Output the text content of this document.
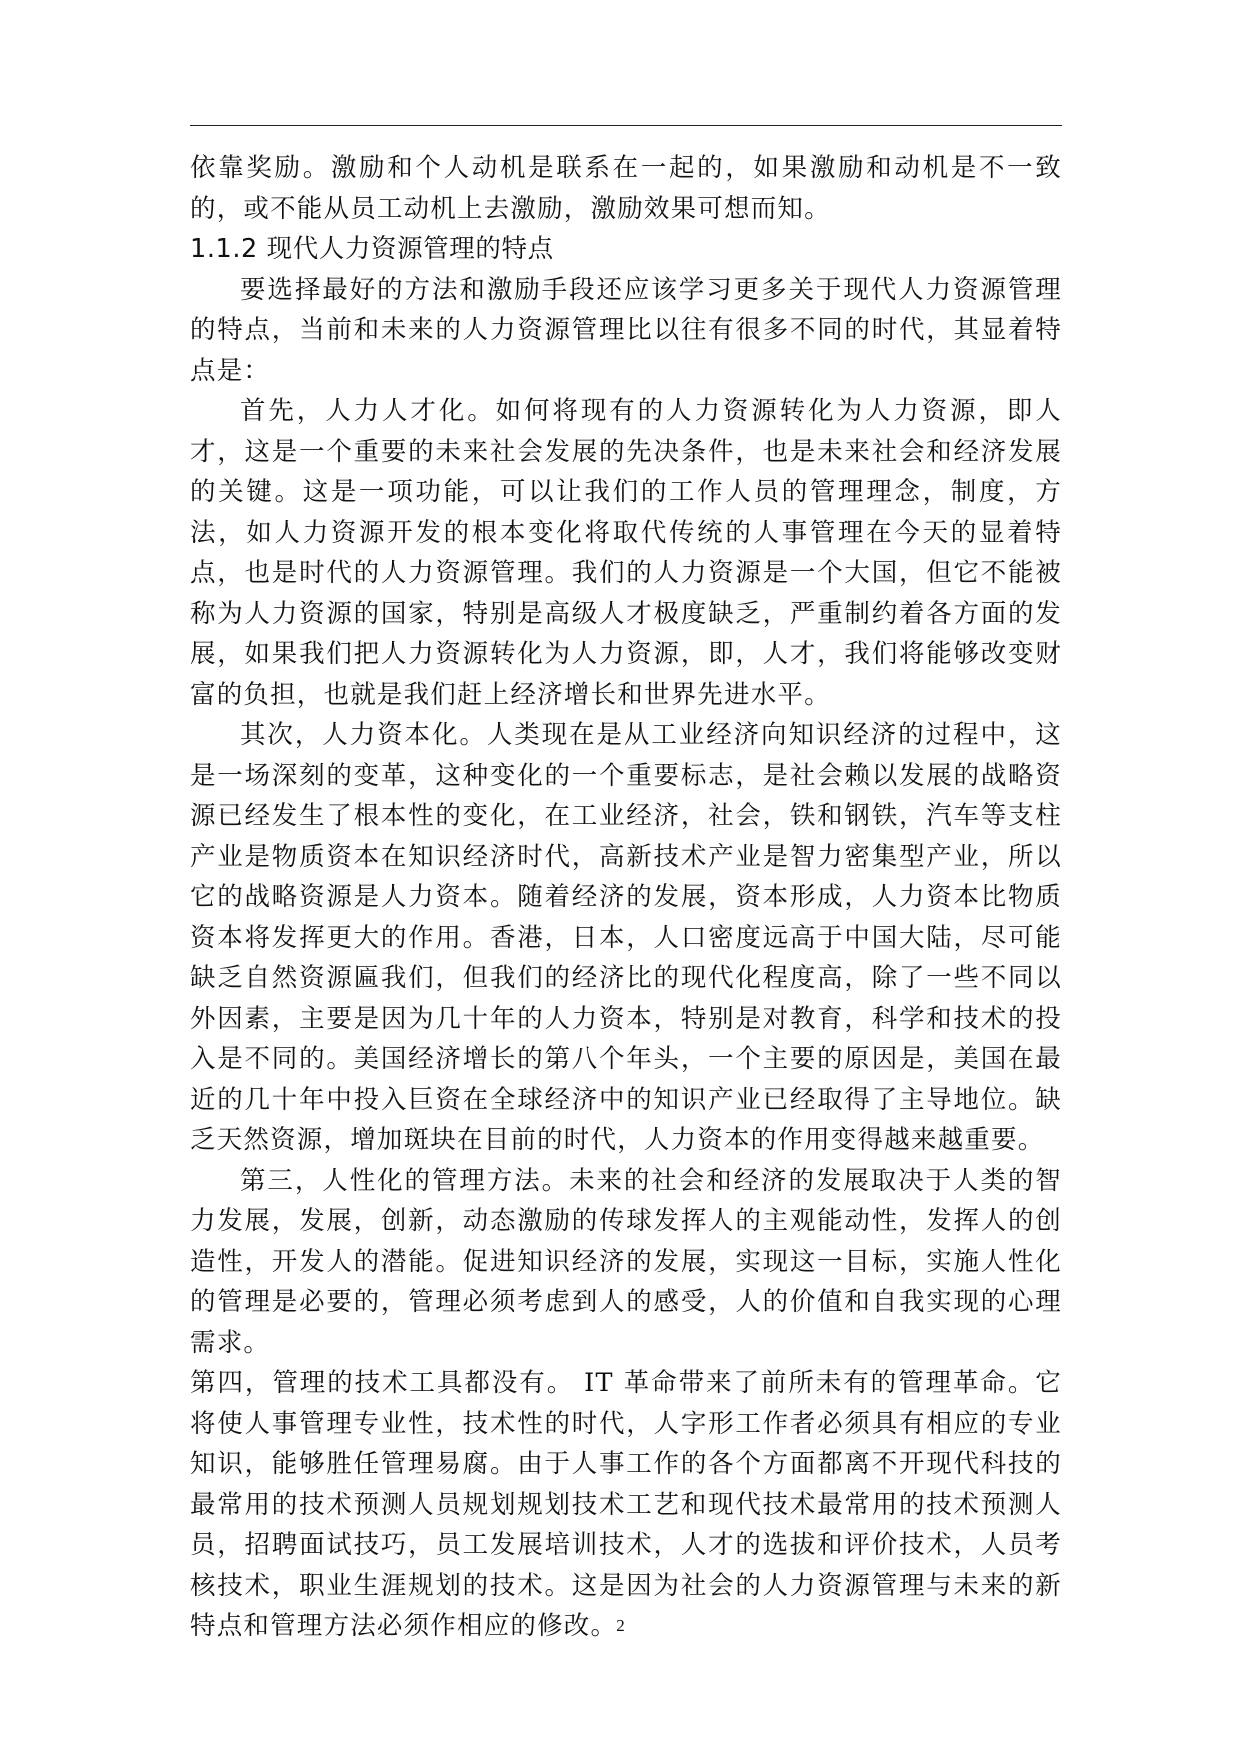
依靠奖励。激励和个人动机是联系在一起的，如果激励和动机是不一致的，或不能从员工动机上去激励，激励效果可想而知。

1.1.2 现代人力资源管理的特点

要选择最好的方法和激励手段还应该学习更多关于现代人力资源管理的特点，当前和未来的人力资源管理比以往有很多不同的时代，其显着特点是：

首先，人力人才化。如何将现有的人力资源转化为人力资源，即人才，这是一个重要的未来社会发展的先决条件，也是未来社会和经济发展的关键。这是一项功能，可以让我们的工作人员的管理理念，制度，方法，如人力资源开发的根本变化将取代传统的人事管理在今天的显着特点，也是时代的人力资源管理。我们的人力资源是一个大国，但它不能被称为人力资源的国家，特别是高级人才极度缺乏，严重制约着各方面的发展，如果我们把人力资源转化为人力资源，即，人才，我们将能够改变财富的负担，也就是我们赶上经济增长和世界先进水平。

其次，人力资本化。人类现在是从工业经济向知识经济的过程中，这是一场深刻的变革，这种变化的一个重要标志，是社会赖以发展的战略资源已经发生了根本性的变化，在工业经济，社会，铁和钢铁，汽车等支柱产业是物质资本在知识经济时代，高新技术产业是智力密集型产业，所以它的战略资源是人力资本。随着经济的发展，资本形成，人力资本比物质资本将发挥更大的作用。香港，日本，人口密度远高于中国大陆，尽可能缺乏自然资源匾我们，但我们的经济比的现代化程度高，除了一些不同以外因素，主要是因为几十年的人力资本，特别是对教育，科学和技术的投入是不同的。美国经济增长的第八个年头，一个主要的原因是，美国在最近的几十年中投入巨资在全球经济中的知识产业已经取得了主导地位。缺乏天然资源，增加斑块在目前的时代，人力资本的作用变得越来越重要。

第三，人性化的管理方法。未来的社会和经济的发展取决于人类的智力发展，发展，创新，动态激励的传球发挥人的主观能动性，发挥人的创造性，开发人的潜能。促进知识经济的发展，实现这一目标，实施人性化的管理是必要的，管理必须考虑到人的感受，人的价值和自我实现的心理需求。

第四，管理的技术工具都没有。 IT 革命带来了前所未有的管理革命。它将使人事管理专业性，技术性的时代，人字形工作者必须具有相应的专业知识，能够胜任管理易腐。由于人事工作的各个方面都离不开现代科技的最常用的技术预测人员规划规划技术工艺和现代技术最常用的技术预测人员，招聘面试技巧，员工发展培训技术，人才的选拔和评价技术，人员考核技术，职业生涯规划的技术。这是因为社会的人力资源管理与未来的新特点和管理方法必须作相应的修改。 2
